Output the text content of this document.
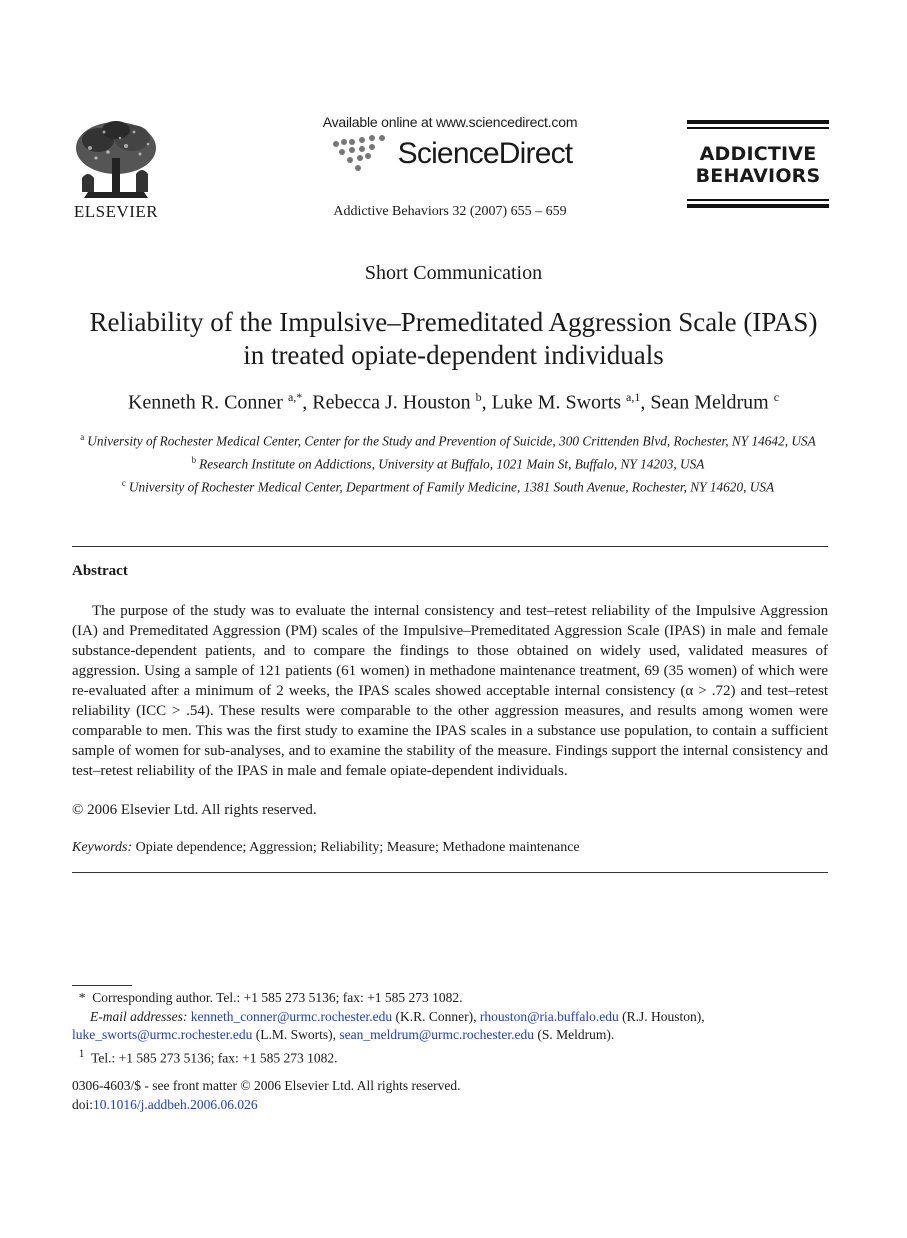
ELSEVIER
Available online at www.sciencedirect.com
ScienceDirect
Addictive Behaviors 32 (2007) 655 – 659
ADDICTIVE
BEHAVIORS
Short Communication
Reliability of the Impulsive–Premeditated Aggression Scale (IPAS)
in treated opiate-dependent individuals
Kenneth R. Conner $^{a,*}$, Rebecca J. Houston $^b$, Luke M. Sworts $^{a,1}$, Sean Meldrum $^c$
$^a$ University of Rochester Medical Center, Center for the Study and Prevention of Suicide, 300 Crittenden Blvd, Rochester, NY 14642, USA
$^b$ Research Institute on Addictions, University at Buffalo, 1021 Main St, Buffalo, NY 14203, USA
$^c$ University of Rochester Medical Center, Department of Family Medicine, 1381 South Avenue, Rochester, NY 14620, USA
Abstract

The purpose of the study was to evaluate the internal consistency and test–retest reliability of the Impulsive Aggression (IA) and Premeditated Aggression (PM) scales of the Impulsive–Premeditated Aggression Scale (IPAS) in male and female substance-dependent patients, and to compare the findings to those obtained on widely used, validated measures of aggression. Using a sample of 121 patients (61 women) in methadone maintenance treatment, 69 (35 women) of which were re-evaluated after a minimum of 2 weeks, the IPAS scales showed acceptable internal consistency (α > .72) and test–retest reliability (ICC > .54). These results were comparable to the other aggression measures, and results among women were comparable to men. This was the first study to examine the IPAS scales in a substance use population, to contain a sufficient sample of women for sub-analyses, and to examine the stability of the measure. Findings support the internal consistency and test–retest reliability of the IPAS in male and female opiate-dependent individuals.

© 2006 Elsevier Ltd. All rights reserved.
Keywords: Opiate dependence; Aggression; Reliability; Measure; Methadone maintenance
* Corresponding author. Tel.: +1 585 273 5136; fax: +1 585 273 1082.
E-mail addresses: kenneth_conner@urmc.rochester.edu (K.R. Conner), rhouston@ria.buffalo.edu (R.J. Houston),
luke_sworts@urmc.rochester.edu (L.M. Sworts), sean_meldrum@urmc.rochester.edu (S. Meldrum).
$^1$ Tel.: +1 585 273 5136; fax: +1 585 273 1082.
0306-4603/$ - see front matter © 2006 Elsevier Ltd. All rights reserved.
doi:10.1016/j.addbeh.2006.06.026
